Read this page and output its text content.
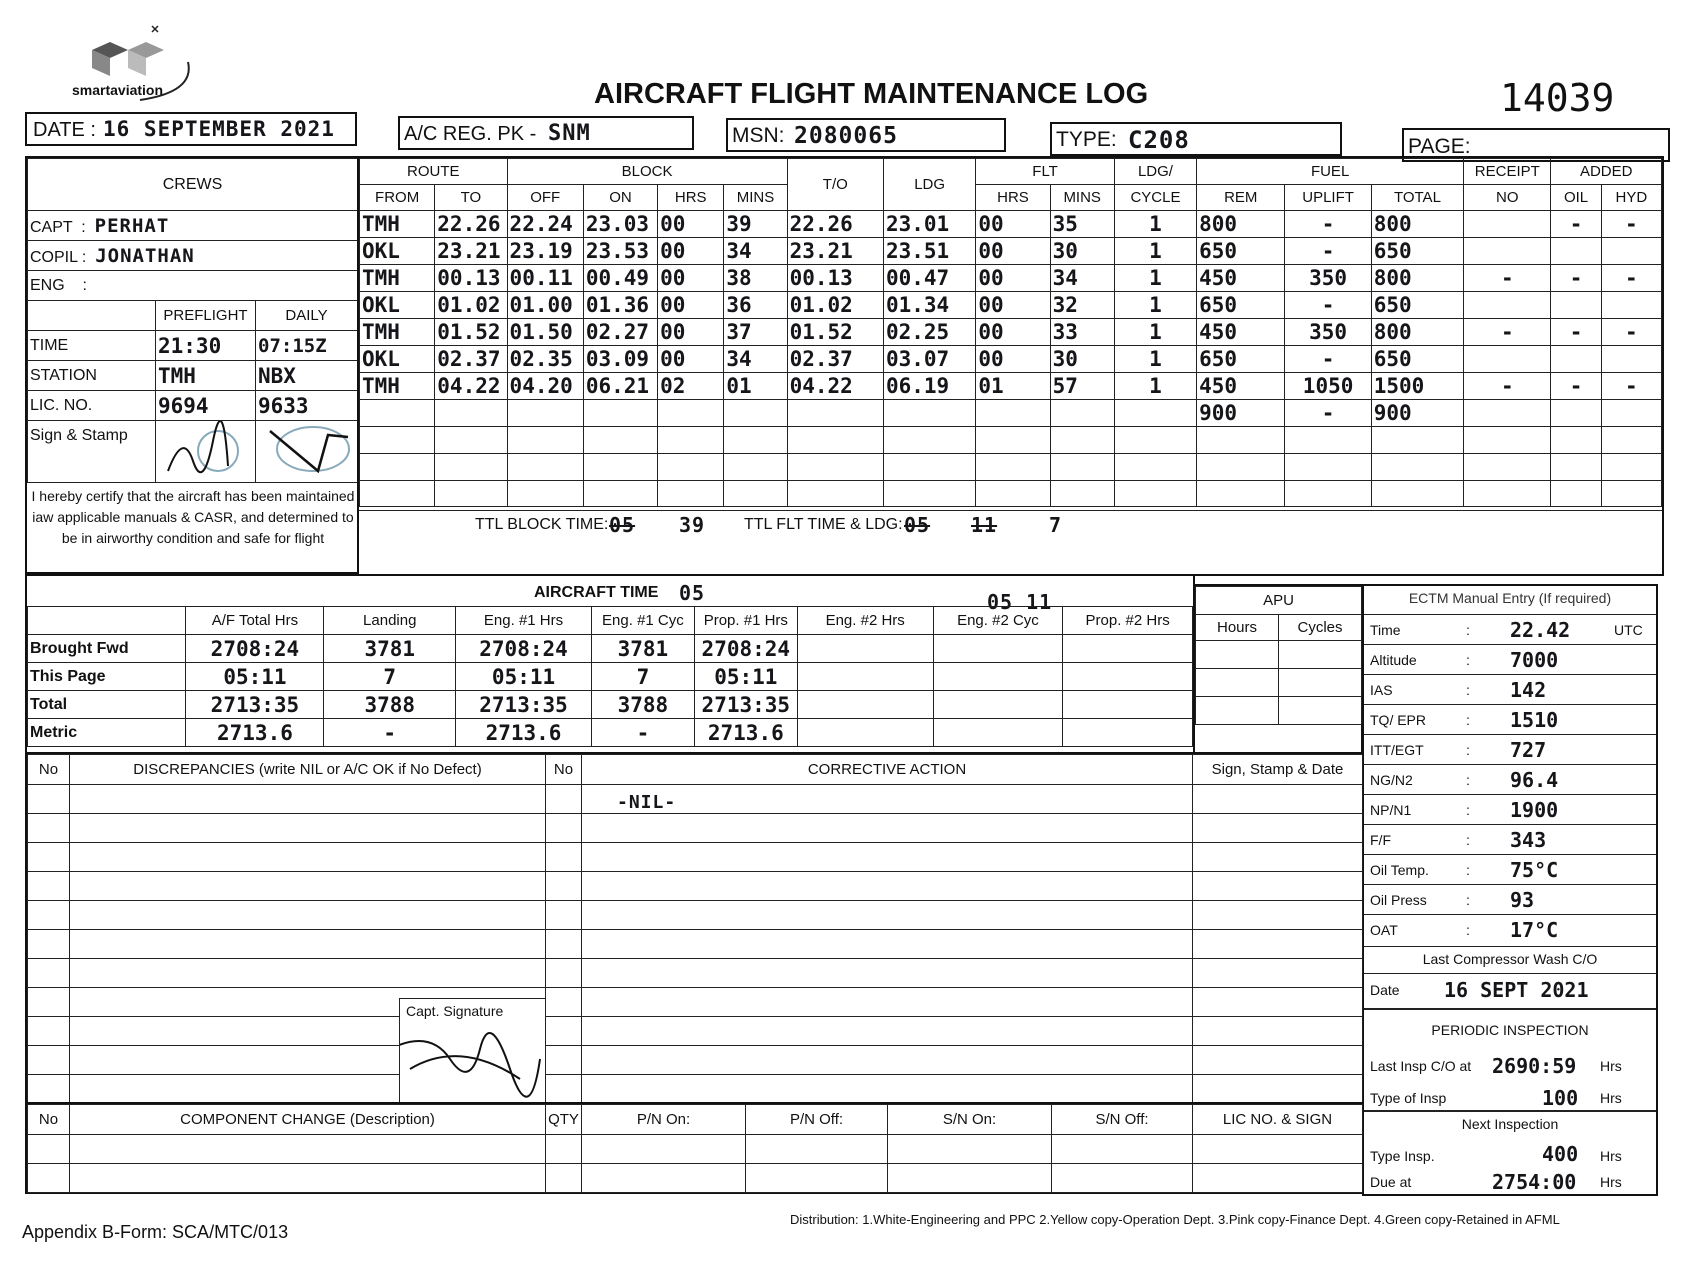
smartaviation	AIRCRAFT FLIGHT MAINTENANCE LOG	14039
DATE : 16 SEPTEMBER 2021	A/C REG. PK - SNM	MSN: 2080065	TYPE: C208	PAGE:
CREWS		
CAPT  :  PERHAT		
COPIL :  JONATHAN		
ENG    :		
	PREFLIGHT	DAILY
TIME	21:30	07:15Z
STATION	TMH	NBX
LIC. NO.	9694	9633
Sign & Stamp		
I hereby certify that the aircraft has been maintained iaw applicable manuals & CASR, and determined to be in airworthy condition and safe for flight
ROUTE		BLOCK				T/O	LDG	FLT		LDG/	FUEL			RECEIPT	ADDED	
FROM	TO	OFF	ON	HRS	MINS			HRS	MINS	CYCLE	REM	UPLIFT	TOTAL	NO	OIL	HYD
TMH	22.26	22.24	23.03	00	39	22.26	23.01	00	35	1	800	-	800		-	-
OKL	23.21	23.19	23.53	00	34	23.21	23.51	00	30	1	650	-	650			
TMH	00.13	00.11	00.49	00	38	00.13	00.47	00	34	1	450	350	800	-	-	-
OKL	01.02	01.00	01.36	00	36	01.02	01.34	00	32	1	650	-	650			
TMH	01.52	01.50	02.27	00	37	01.52	02.25	00	33	1	450	350	800	-	-	-
OKL	02.37	02.35	03.09	00	34	02.37	03.07	00	30	1	650	-	650			
TMH	04.22	04.20	06.21	02	01	04.22	06.19	01	57	1	450	1050	1500	-	-	-
											900	-	900			

TTL BLOCK TIME: 05 39 TTL FLT TIME & LDG: 05 11	7
AIRCRAFT TIME 05	05 11
	A/F Total Hrs	Landing	Eng. #1 Hrs	Eng. #1 Cyc	Prop. #1 Hrs	Eng. #2 Hrs	Eng. #2 Cyc	Prop. #2 Hrs
Brought Fwd	2708:24	3781	2708:24	3781	2708:24			
This Page	05:11	7	05:11	7	05:11			
Total	2713:35	3788	2713:35	3788	2713:35			
Metric	2713.6	-	2713.6	-	2713.6			
APU	
Hours	Cycles

ECTM Manual Entry (If required)
Time	: 22.42	UTC
Altitude	: 7000
IAS	: 142
TQ/ EPR	: 1510
ITT/EGT	: 727
NG/N2	: 96.4
NP/N1	: 1900
F/F	: 343
Oil Temp.	: 75°C
Oil Press	: 93
OAT	: 17°C
Last Compressor Wash C/O
Date 16 SEPT 2021
PERIODIC INSPECTION
Last Insp C/O at 2690:59 Hrs
Type of Insp	100 Hrs
Next Inspection
Type Insp.	400 Hrs
Due at	2754:00 Hrs
No	DISCREPANCIES (write NIL or A/C OK if No Defect)	No	CORRECTIVE ACTION	Sign, Stamp & Date

Capt. Signature
-NIL-
No	COMPONENT CHANGE (Description)	QTY	P/N On:	P/N Off:	S/N On:	S/N Off:	LIC NO. & SIGN

Appendix B-Form: SCA/MTC/013
Distribution: 1.White-Engineering and PPC 2.Yellow copy-Operation Dept. 3.Pink copy-Finance Dept. 4.Green copy-Retained in AFML
